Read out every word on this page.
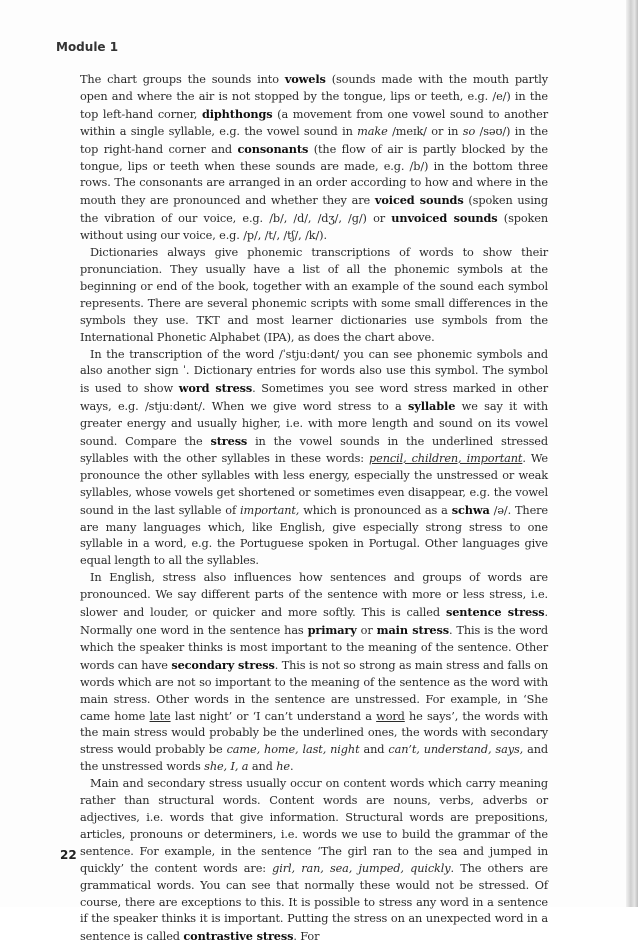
Module 1

The chart groups the sounds into vowels (sounds made with the mouth partly open and where the air is not stopped by the tongue, lips or teeth, e.g. /e/) in the top left-hand corner, diphthongs (a movement from one vowel sound to another within a single syllable, e.g. the vowel sound in make /meɪk/ or in so /səʊ/) in the top right-hand corner and consonants (the flow of air is partly blocked by the tongue, lips or teeth when these sounds are made, e.g. /b/) in the bottom three rows. The consonants are arranged in an order according to how and where in the mouth they are pronounced and whether they are voiced sounds (spoken using the vibration of our voice, e.g. /b/, /d/, /dʒ/, /g/) or unvoiced sounds (spoken without using our voice, e.g. /p/, /t/, /tʃ/, /k/).

Dictionaries always give phonemic transcriptions of words to show their pronunciation. They usually have a list of all the phonemic symbols at the beginning or end of the book, together with an example of the sound each symbol represents. There are several phonemic scripts with some small differences in the symbols they use. TKT and most learner dictionaries use symbols from the International Phonetic Alphabet (IPA), as does the chart above.

In the transcription of the word /ˈstjuːdənt/ you can see phonemic symbols and also another sign ˈ. Dictionary entries for words also use this symbol. The symbol is used to show word stress. Sometimes you see word stress marked in other ways, e.g. /stjuːdənt/. When we give word stress to a syllable we say it with greater energy and usually higher, i.e. with more length and sound on its vowel sound. Compare the stress in the vowel sounds in the underlined stressed syllables with the other syllables in these words: pencil, children, important. We pronounce the other syllables with less energy, especially the unstressed or weak syllables, whose vowels get shortened or sometimes even disappear, e.g. the vowel sound in the last syllable of important, which is pronounced as a schwa /ə/. There are many languages which, like English, give especially strong stress to one syllable in a word, e.g. the Portuguese spoken in Portugal. Other languages give equal length to all the syllables.

In English, stress also influences how sentences and groups of words are pronounced. We say different parts of the sentence with more or less stress, i.e. slower and louder, or quicker and more softly. This is called sentence stress. Normally one word in the sentence has primary or main stress. This is the word which the speaker thinks is most important to the meaning of the sentence. Other words can have secondary stress. This is not so strong as main stress and falls on words which are not so important to the meaning of the sentence as the word with main stress. Other words in the sentence are unstressed. For example, in ‘She came home late last night’ or ‘I can’t understand a word he says’, the words with the main stress would probably be the underlined ones, the words with secondary stress would probably be came, home, last, night and can’t, understand, says, and the unstressed words she, I, a and he.

Main and secondary stress usually occur on content words which carry meaning rather than structural words. Content words are nouns, verbs, adverbs or adjectives, i.e. words that give information. Structural words are prepositions, articles, pronouns or determiners, i.e. words we use to build the grammar of the sentence. For example, in the sentence ‘The girl ran to the sea and jumped in quickly’ the content words are: girl, ran, sea, jumped, quickly. The others are grammatical words. You can see that normally these would not be stressed. Of course, there are exceptions to this. It is possible to stress any word in a sentence if the speaker thinks it is important. Putting the stress on an unexpected word in a sentence is called contrastive stress. For

22
